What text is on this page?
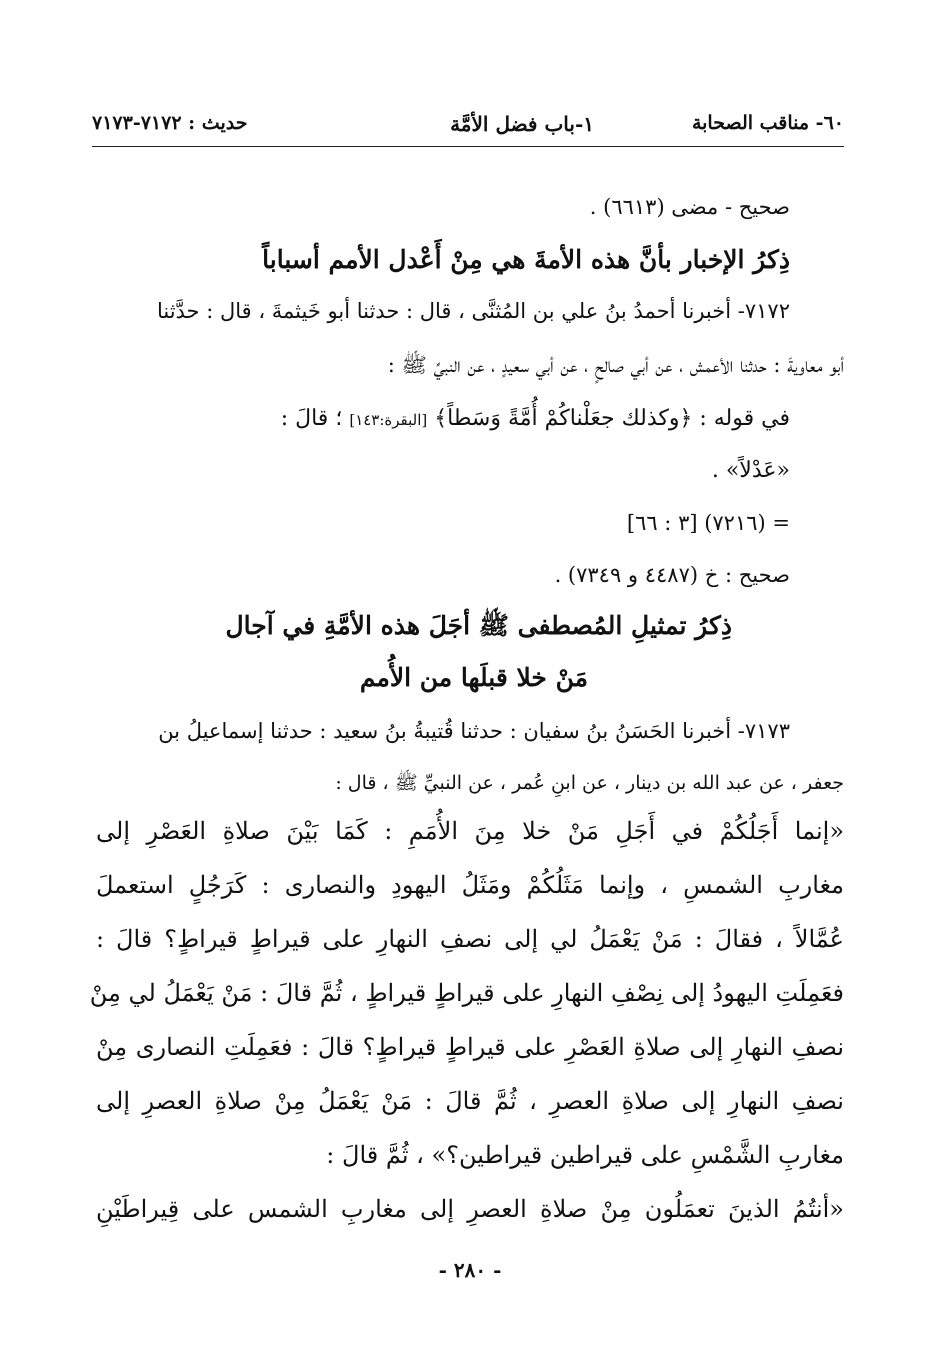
٦٠- مناقب الصحابة
١-باب فضل الأمَّة
حديث : ٧١٧٢-٧١٧٣
صحيح - مضى (٦٦١٣) .
ذِكرُ الإخبار بأنَّ هذه الأمةَ هي مِنْ أَعْدل الأمم أسباباً
٧١٧٢- أخبرنا أحمدُ بنُ علي بن المُثنَّى ، قال : حدثنا أبو خَيثمةَ ، قال : حدَّثنا
أبو معاويةَ : حدثنا الأعمش ، عن أبي صالحٍ ، عن أبي سعيدٍ ، عن النبيِّ ﷺ :
في قوله : ﴿وكذلك جعَلْناكُمْ أُمَّةً وَسَطاً﴾ [البقرة:١٤٣] ؛ قالَ :
«عَدْلاً» .
= (٧٢١٦) [٣ : ٦٦]
صحيح : خ (٤٤٨٧ و ٧٣٤٩) .
ذِكرُ تمثيلِ المُصطفى ﷺ أجَلَ هذه الأمَّةِ في آجال
مَنْ خلا قبلَها من الأُمم
٧١٧٣- أخبرنا الحَسَنُ بنُ سفيان : حدثنا قُتيبةُ بنُ سعيد : حدثنا إسماعيلُ بن
جعفر ، عن عبد الله بن دينار ، عن ابنِ عُمر ، عن النبيِّ ﷺ ، قال :
«إنما أَجَلُكُمْ في أَجَلِ مَنْ خلا مِنَ الأُمَمِ : كَمَا بَيْنَ صلاةِ العَصْرِ إلى
مغاربِ الشمسِ ، وإنما مَثَلُكُمْ ومَثَلُ اليهودِ والنصارى : كَرَجُلٍ استعملَ
عُمَّالاً ، فقالَ : مَنْ يَعْمَلُ لي إلى نصفِ النهارِ على قيراطٍ قيراطٍ؟ قالَ :
فعَمِلَتِ اليهودُ إلى نِصْفِ النهارِ على قيراطٍ قيراطٍ ، ثُمَّ قالَ : مَنْ يَعْمَلُ لي مِنْ
نصفِ النهارِ إلى صلاةِ العَصْرِ على قيراطٍ قيراطٍ؟ قالَ : فعَمِلَتِ النصارى مِنْ
نصفِ النهارِ إلى صلاةِ العصرِ ، ثُمَّ قالَ : مَنْ يَعْمَلُ مِنْ صلاةِ العصرِ إلى
مغاربِ الشَّمْسِ على قيراطين قيراطين؟» ، ثُمَّ قالَ :
«أنتُمُ الذينَ تعمَلُون مِنْ صلاةِ العصرِ إلى مغاربِ الشمس على قِيراطَيْنِ
- ٢٨٠ -
